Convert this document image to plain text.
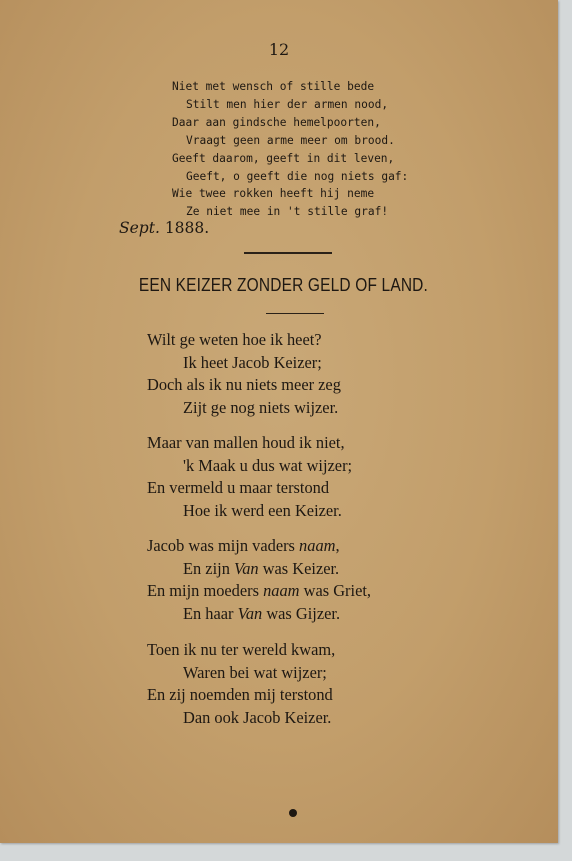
12
Niet met wensch of stille bede
Stilt men hier der armen nood,
Daar aan gindsche hemelpoorten,
Vraagt geen arme meer om brood.
Geeft daarom, geeft in dit leven,
Geeft, o geeft die nog niets gaf:
Wie twee rokken heeft hij neme
Ze niet mee in 't stille graf!
Sept. 1888.
EEN KEIZER ZONDER GELD OF LAND.
Wilt ge weten hoe ik heet?
Ik heet Jacob Keizer;
Doch als ik nu niets meer zeg
Zijt ge nog niets wijzer.
Maar van mallen houd ik niet,
'k Maak u dus wat wijzer;
En vermeld u maar terstond
Hoe ik werd een Keizer.
Jacob was mijn vaders naam,
En zijn Van was Keizer.
En mijn moeders naam was Griet,
En haar Van was Gijzer.
Toen ik nu ter wereld kwam,
Waren bei wat wijzer;
En zij noemden mij terstond
Dan ook Jacob Keizer.
